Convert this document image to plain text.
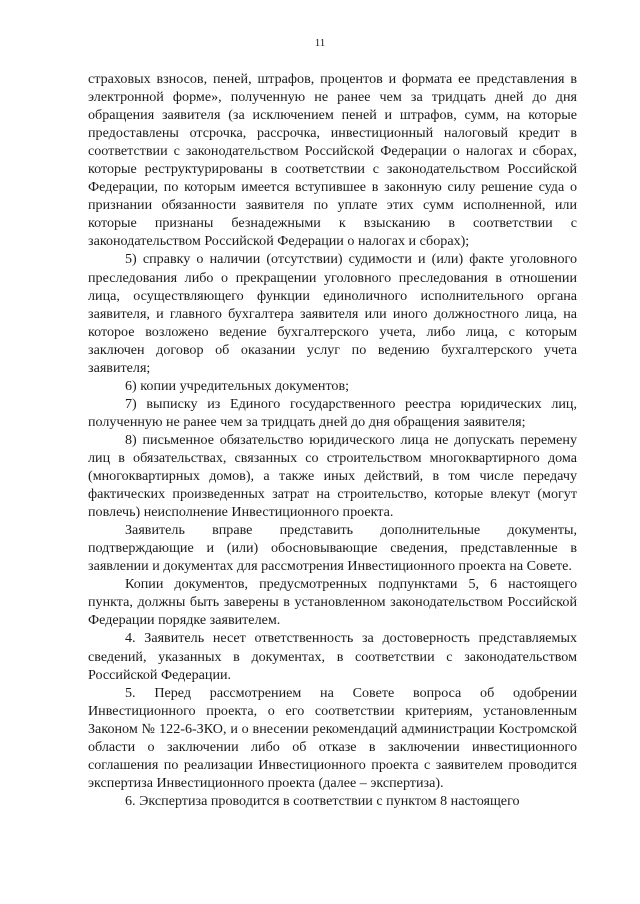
11

страховых взносов, пеней, штрафов, процентов и формата ее представления в электронной форме», полученную не ранее чем за тридцать дней до дня обращения заявителя (за исключением пеней и штрафов, сумм, на которые предоставлены отсрочка, рассрочка, инвестиционный налоговый кредит в соответствии с законодательством Российской Федерации о налогах и сборах, которые реструктурированы в соответствии с законодательством Российской Федерации, по которым имеется вступившее в законную силу решение суда о признании обязанности заявителя по уплате этих сумм исполненной, или которые признаны безнадежными к взысканию в соответствии с законодательством Российской Федерации о налогах и сборах);

5) справку о наличии (отсутствии) судимости и (или) факте уголовного преследования либо о прекращении уголовного преследования в отношении лица, осуществляющего функции единоличного исполнительного органа заявителя, и главного бухгалтера заявителя или иного должностного лица, на которое возложено ведение бухгалтерского учета, либо лица, с которым заключен договор об оказании услуг по ведению бухгалтерского учета заявителя;

6) копии учредительных документов;

7) выписку из Единого государственного реестра юридических лиц, полученную не ранее чем за тридцать дней до дня обращения заявителя;

8) письменное обязательство юридического лица не допускать перемену лиц в обязательствах, связанных со строительством многоквартирного дома (многоквартирных домов), а также иных действий, в том числе передачу фактических произведенных затрат на строительство, которые влекут (могут повлечь) неисполнение Инвестиционного проекта.

Заявитель вправе представить дополнительные документы, подтверждающие и (или) обосновывающие сведения, представленные в заявлении и документах для рассмотрения Инвестиционного проекта на Совете.

Копии документов, предусмотренных подпунктами 5, 6 настоящего пункта, должны быть заверены в установленном законодательством Российской Федерации порядке заявителем.

4. Заявитель несет ответственность за достоверность представляемых сведений, указанных в документах, в соответствии с законодательством Российской Федерации.

5. Перед рассмотрением на Совете вопроса об одобрении Инвестиционного проекта, о его соответствии критериям, установленным Законом № 122-6-ЗКО, и о внесении рекомендаций администрации Костромской области о заключении либо об отказе в заключении инвестиционного соглашения по реализации Инвестиционного проекта с заявителем проводится экспертиза Инвестиционного проекта (далее – экспертиза).

6. Экспертиза проводится в соответствии с пунктом 8 настоящего
